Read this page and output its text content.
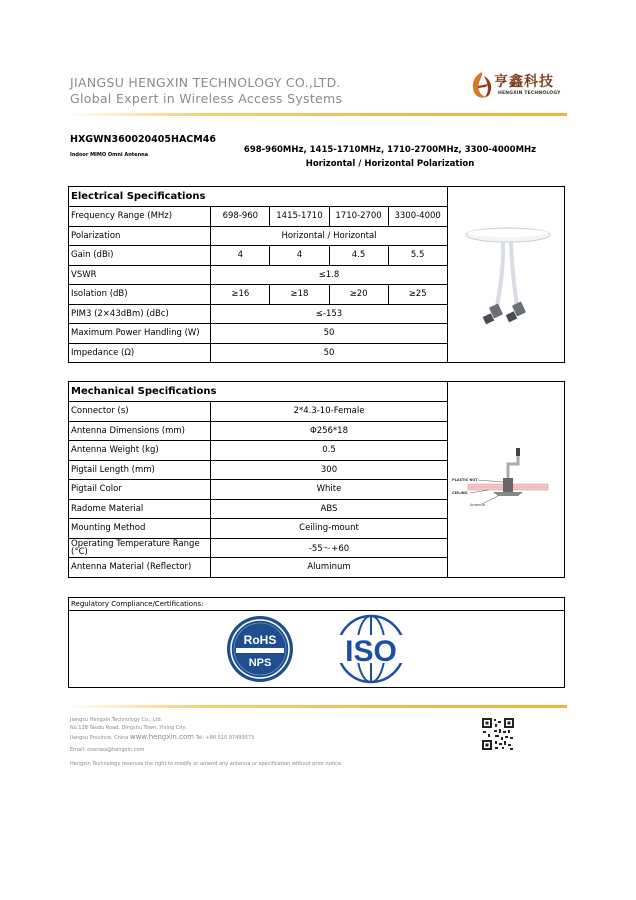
JIANGSU HENGXIN TECHNOLOGY CO.,LTD.
Global Expert in Wireless Access Systems
亨鑫科技
HENGXIN TECHNOLOGY
HXGWN360020405HACM46
Indoor MIMO Omni Antenna	698-960MHz, 1415-1710MHz, 1710-2700MHz, 3300-4000MHz
Horizontal / Horizontal Polarization
Electrical Specifications	

Frequency Range (MHz)	698-960	1415-1710	1710-2700	3300-4000	
Polarization	Horizontal / Horizontal				
Gain (dBi)	4	4	4.5	5.5	
VSWR	≤1.8				
Isolation (dB)	≥16	≥18	≥20	≥25	
PIM3 (2×43dBm) (dBc)	≤-153				
Maximum Power Handling (W)	50				
Impedance (Ω)	50				
Mechanical Specifications		PLASTIC NUT
CEILING
Antenna

Connector (s)	2*4.3-10-Female	
Antenna Dimensions (mm)	Φ256*18	
Antenna Weight (kg)	0.5	
Pigtail Length (mm)	300	
Pigtail Color	White	
Radome Material	ABS	
Mounting Method	Ceiling-mount	
Operating Temperature Range (°C)	-55～+60	
Antenna Material (Reflector)	Aluminum	
Regulatory Compliance/Certifications:
RoHS
NPS ISO
Jiangsu Hengxin Technology Co., Ltd.
No.138 Taodu Road, Dingshu Town, Yixing City,
Jiangsu Province, China www.hengxin.com Tel: +86 510 87499573
Email: oversea@hengxin.com
Hengxin Technology reserves the right to modify or amend any antenna or specification without prior notice.
